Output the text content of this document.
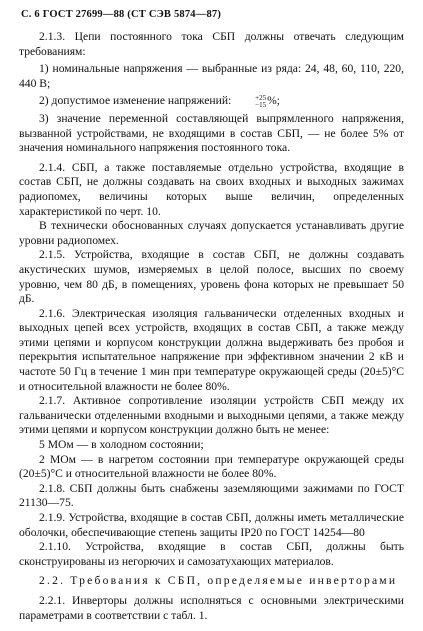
С. 6 ГОСТ 27699—88 (СТ СЭВ 5874—87)

2.1.3. Цепи постоянного тока СБП должны отвечать следующим требованиям:

1) номинальные напряжения — выбранные из ряда: 24, 48, 60, 110, 220, 440 В;

2) допустимое изменение напряжений:	+25
−15 %;

3) значение переменной составляющей выпрямленного напряжения, вызванной устройствами, не входящими в состав СБП, — не более 5% от значения номинального напряжения постоянного тока.

2.1.4. СБП, а также поставляемые отдельно устройства, входящие в состав СБП, не должны создавать на своих входных и выходных зажимах радиопомех, величины которых выше величин, определенных характеристикой по черт. 10.

В технически обоснованных случаях допускается устанавливать другие уровни радиопомех.

2.1.5. Устройства, входящие в состав СБП, не должны создавать акустических шумов, измеряемых в целой полосе, высших по своему уровню, чем 80 дБ, в помещениях, уровень фона которых не превышает 50 дБ.

2.1.6. Электрическая изоляция гальванически отделенных входных и выходных цепей всех устройств, входящих в состав СБП, а также между этими цепями и корпусом конструкции должна выдерживать без пробоя и перекрытия испытательное напряжение при эффективном значении 2 кВ и частоте 50 Гц в течение 1 мин при температуре окружающей среды (20±5)°С и относительной влажности не более 80%.

2.1.7. Активное сопротивление изоляции устройств СБП между их гальванически отделенными входными и выходными цепями, а также между этими цепями и корпусом конструкции должно быть не менее:

5 МОм — в холодном состоянии;

2 МОм — в нагретом состоянии при температуре окружающей среды (20±5)°С и относительной влажности не более 80%.

2.1.8. СБП должны быть снабжены заземляющими зажимами по ГОСТ 21130—75.

2.1.9. Устройства, входящие в состав СБП, должны иметь металлические оболочки, обеспечивающие степень защиты IP20 по ГОСТ 14254—80

2.1.10. Устройства, входящие в состав СБП, должны быть сконструированы из негорючих и самозатухающих материалов.

2.2. Требования к СБП, определяемые инверторами

2.2.1. Инверторы должны исполняться с основными электрическими параметрами в соответствии с табл. 1.
